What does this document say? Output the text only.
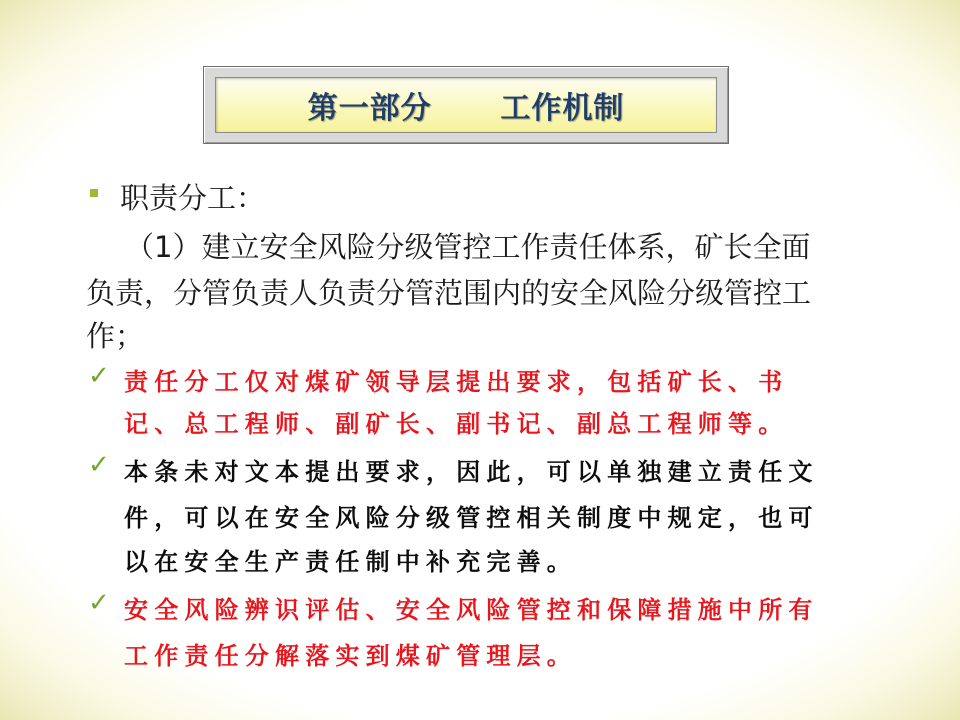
第一部分      工作机制
职责分工：
（1）建立安全风险分级管控工作责任体系，矿长全面
负责，分管负责人负责分管范围内的安全风险分级管控工
作；
✓ 责任分工仅对煤矿领导层提出要求，包括矿长、书
记、总工程师、副矿长、副书记、副总工程师等。
✓ 本条未对文本提出要求，因此，可以单独建立责任文
件，可以在安全风险分级管控相关制度中规定，也可
以在安全生产责任制中补充完善。
✓ 安全风险辨识评估、安全风险管控和保障措施中所有
工作责任分解落实到煤矿管理层。
